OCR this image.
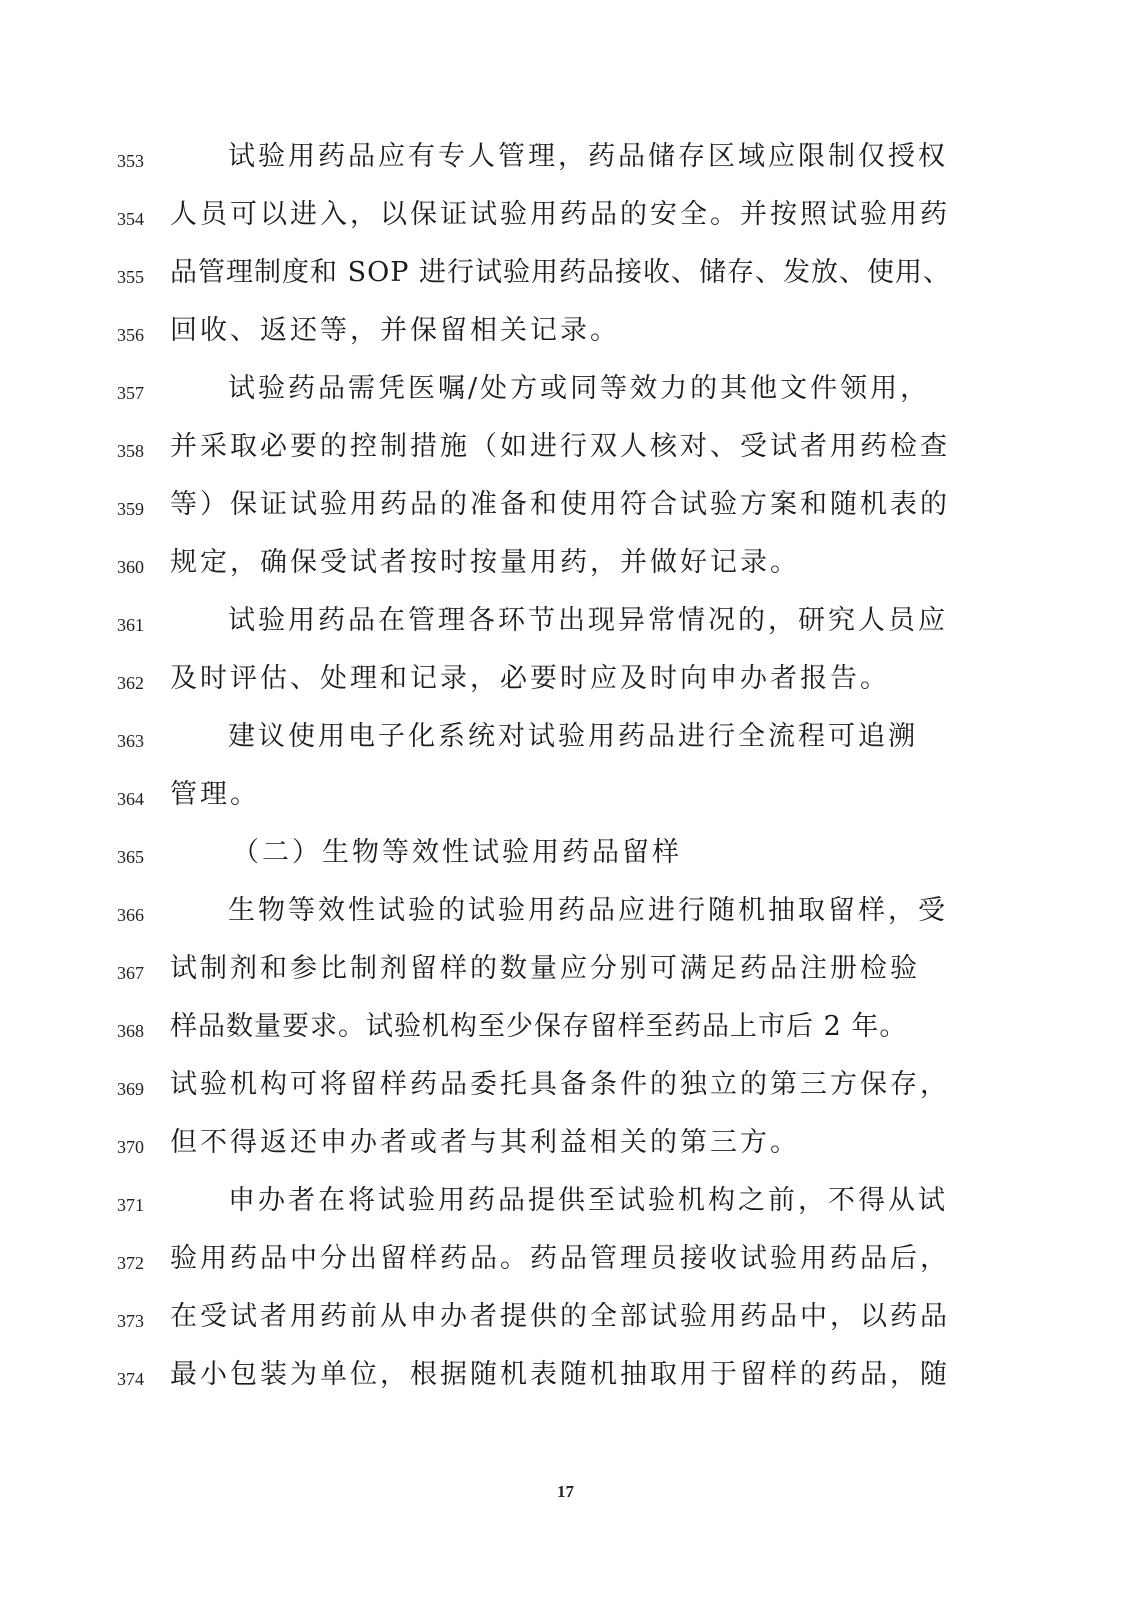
353	试验用药品应有专人管理，药品储存区域应限制仅授权
354 人员可以进入，以保证试验用药品的安全。并按照试验用药
355 品管理制度和 SOP 进行试验用药品接收、储存、发放、使用、
356 回收、返还等，并保留相关记录。
357	试验药品需凭医嘱/处方或同等效力的其他文件领用，
358 并采取必要的控制措施（如进行双人核对、受试者用药检查
359 等）保证试验用药品的准备和使用符合试验方案和随机表的
360 规定，确保受试者按时按量用药，并做好记录。
361	试验用药品在管理各环节出现异常情况的，研究人员应
362 及时评估、处理和记录，必要时应及时向申办者报告。
363	建议使用电子化系统对试验用药品进行全流程可追溯
364 管理。
365	（二）生物等效性试验用药品留样
366	生物等效性试验的试验用药品应进行随机抽取留样，受
367 试制剂和参比制剂留样的数量应分别可满足药品注册检验
368 样品数量要求。试验机构至少保存留样至药品上市后 2 年。
369 试验机构可将留样药品委托具备条件的独立的第三方保存，
370 但不得返还申办者或者与其利益相关的第三方。
371	申办者在将试验用药品提供至试验机构之前，不得从试
372 验用药品中分出留样药品。药品管理员接收试验用药品后，
373 在受试者用药前从申办者提供的全部试验用药品中，以药品
374 最小包装为单位，根据随机表随机抽取用于留样的药品，随
17
